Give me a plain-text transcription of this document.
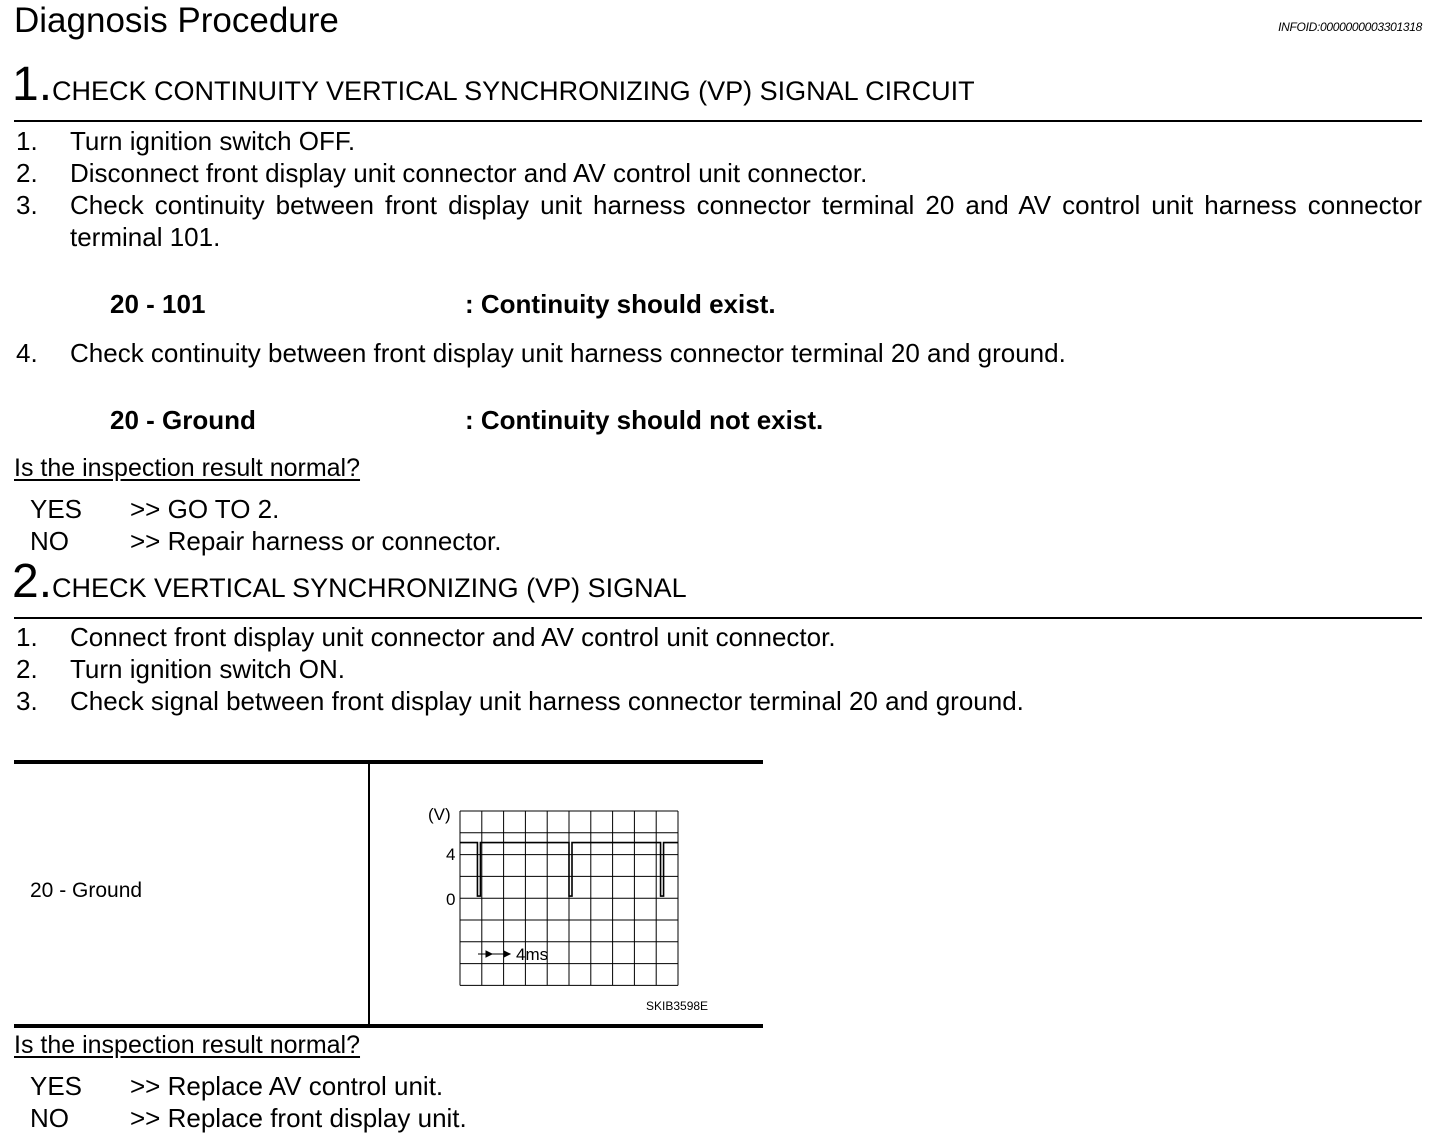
Diagnosis Procedure	INFOID:0000000003301318
1.CHECK CONTINUITY VERTICAL SYNCHRONIZING (VP) SIGNAL CIRCUIT
1. Turn ignition switch OFF.
2. Disconnect front display unit connector and AV control unit connector.
3.	Check continuity between front display unit harness connector terminal 20 and AV control unit harness connector terminal 101.
20 - 101	: Continuity should exist.
4. Check continuity between front display unit harness connector terminal 20 and ground.
20 - Ground	: Continuity should not exist.
Is the inspection result normal?
YES >> GO TO 2.
NO >> Repair harness or connector.
2.CHECK VERTICAL SYNCHRONIZING (VP) SIGNAL
1. Connect front display unit connector and AV control unit connector.
2. Turn ignition switch ON.
3. Check signal between front display unit harness connector terminal 20 and ground.
20 - Ground
(V)
4
0
4ms
SKIB3598E
Is the inspection result normal?
YES >> Replace AV control unit.
NO >> Replace front display unit.
